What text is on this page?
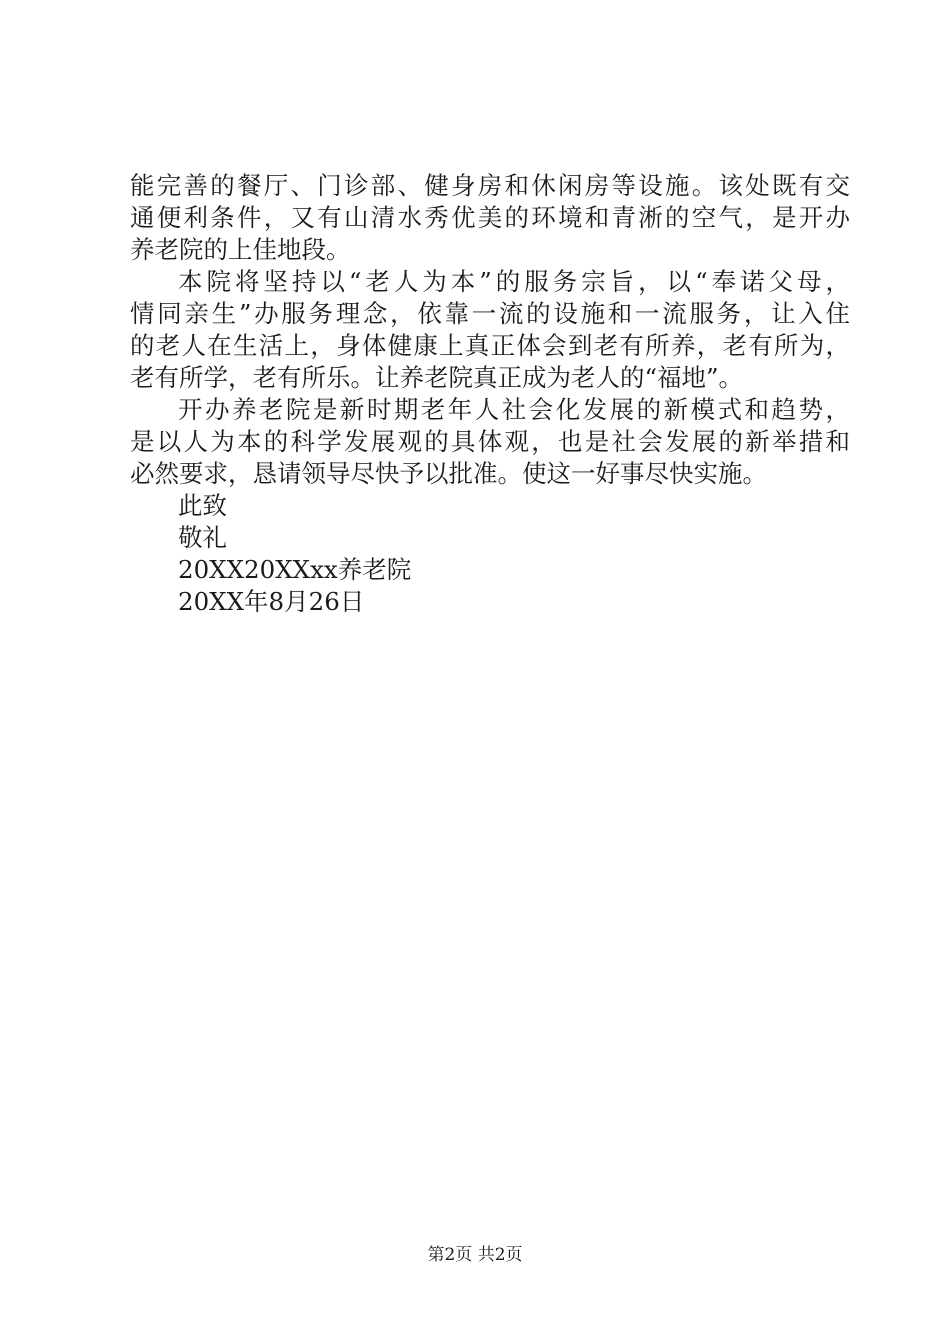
能完善的餐厅、门诊部、健身房和休闲房等设施。该处既有交
通便利条件，又有山清水秀优美的环境和青淅的空气，是开办
养老院的上佳地段。
本院将坚持以“老人为本”的服务宗旨，以“奉诺父母，
情同亲生”办服务理念，依靠一流的设施和一流服务，让入住
的老人在生活上，身体健康上真正体会到老有所养，老有所为，
老有所学，老有所乐。让养老院真正成为老人的“福地”。
开办养老院是新时期老年人社会化发展的新模式和趋势，
是以人为本的科学发展观的具体观，也是社会发展的新举措和
必然要求，恳请领导尽快予以批准。使这一好事尽快实施。
此致
敬礼
20XX20XXxx养老院
20XX年8月26日
第2页 共2页
